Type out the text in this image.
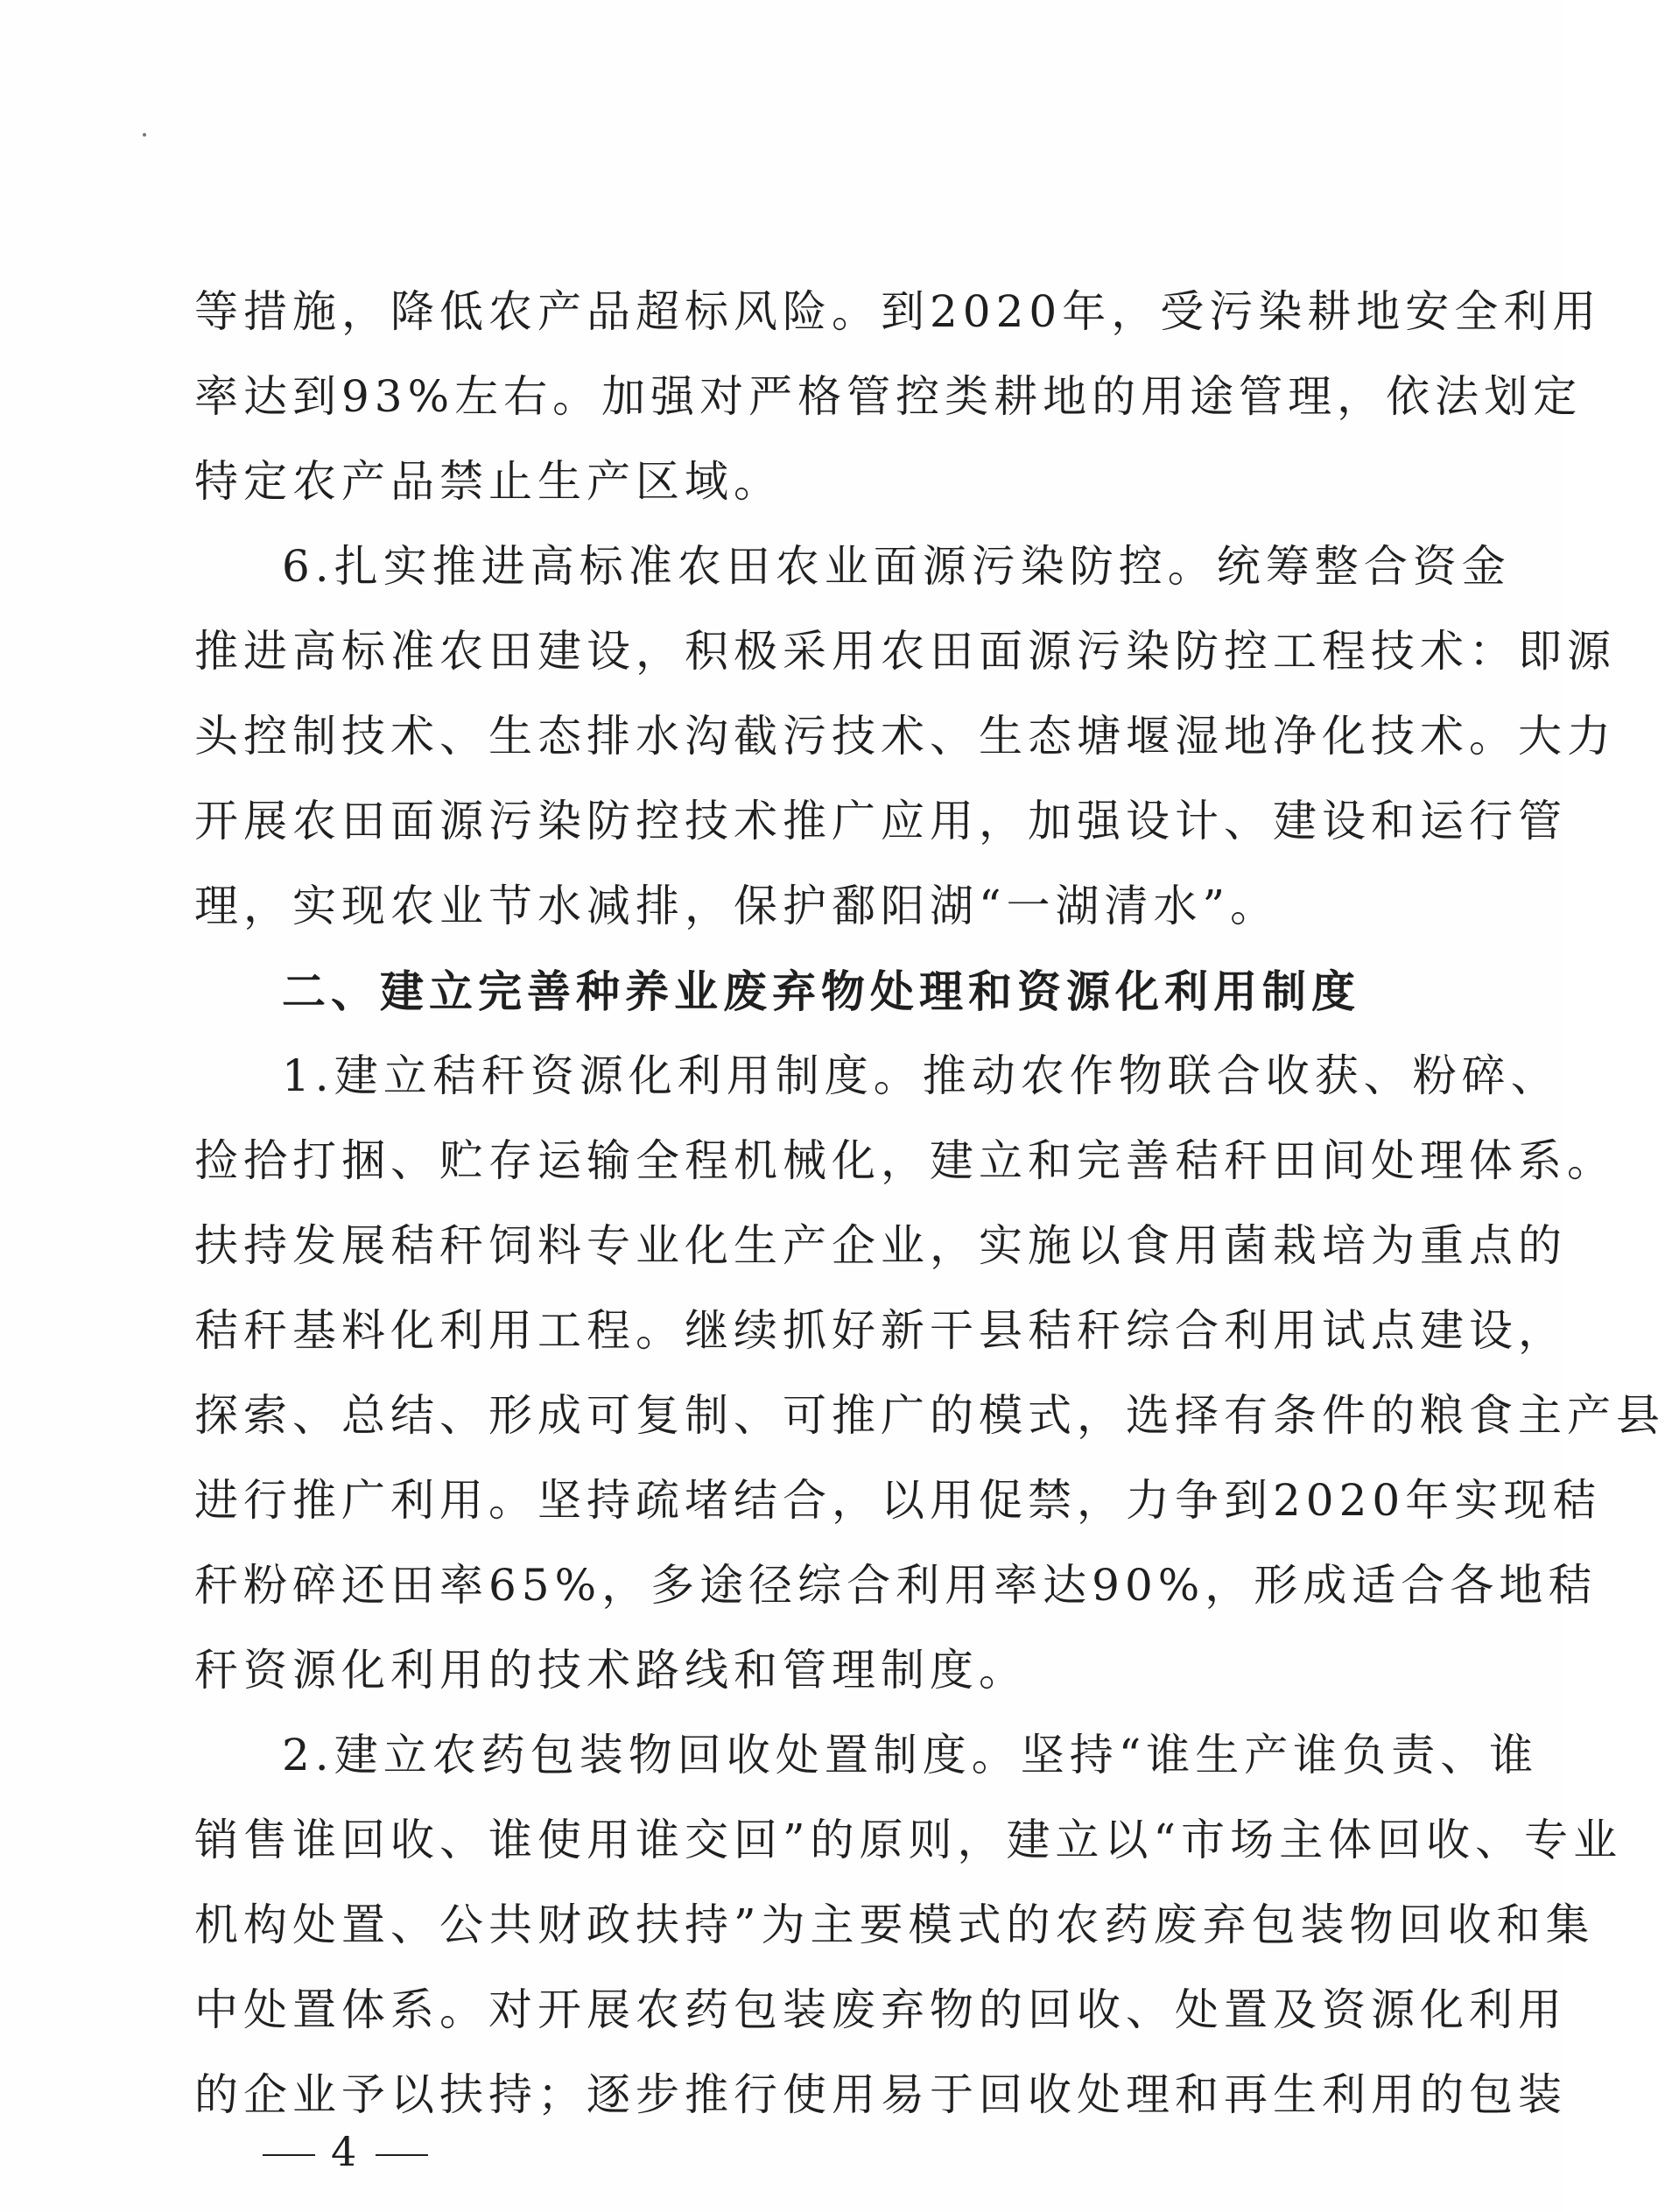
等措施，降低农产品超标风险。到2020年，受污染耕地安全利用
率达到93%左右。加强对严格管控类耕地的用途管理，依法划定
特定农产品禁止生产区域。
6.扎实推进高标准农田农业面源污染防控。统筹整合资金
推进高标准农田建设，积极采用农田面源污染防控工程技术：即源
头控制技术、生态排水沟截污技术、生态塘堰湿地净化技术。大力
开展农田面源污染防控技术推广应用，加强设计、建设和运行管
理，实现农业节水减排，保护鄱阳湖“一湖清水”。
二、建立完善种养业废弃物处理和资源化利用制度
1.建立秸秆资源化利用制度。推动农作物联合收获、粉碎、
捡拾打捆、贮存运输全程机械化，建立和完善秸秆田间处理体系。
扶持发展秸秆饲料专业化生产企业，实施以食用菌栽培为重点的
秸秆基料化利用工程。继续抓好新干县秸秆综合利用试点建设，
探索、总结、形成可复制、可推广的模式，选择有条件的粮食主产县
进行推广利用。坚持疏堵结合，以用促禁，力争到2020年实现秸
秆粉碎还田率65%，多途径综合利用率达90%，形成适合各地秸
秆资源化利用的技术路线和管理制度。
2.建立农药包装物回收处置制度。坚持“谁生产谁负责、谁
销售谁回收、谁使用谁交回”的原则，建立以“市场主体回收、专业
机构处置、公共财政扶持”为主要模式的农药废弃包装物回收和集
中处置体系。对开展农药包装废弃物的回收、处置及资源化利用
的企业予以扶持；逐步推行使用易于回收处理和再生利用的包装
4
